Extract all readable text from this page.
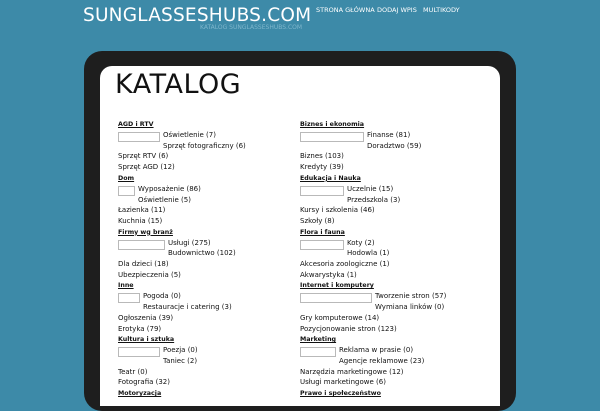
SUNGLASSESHUBS.COM
KATALOG SUNGLASSESHUBS.COM
STRONA GŁÓWNA DODAJ WPIS MULTIKODY
KATALOG
AGD i RTV
Oświetlenie (7)
Sprzęt fotograficzny (6)
Sprzęt RTV (6)
Sprzęt AGD (12)
Dom
Wyposażenie (86)
Oświetlenie (5)
Łazienka (11)
Kuchnia (15)
Firmy wg branż
Usługi (275)
Budownictwo (102)
Dla dzieci (18)
Ubezpieczenia (5)
Inne
Pogoda (0)
Restauracje i catering (3)
Ogłoszenia (39)
Erotyka (79)
Kultura i sztuka
Poezja (0)
Taniec (2)
Teatr (0)
Fotografia (32)
Motoryzacja
Biznes i ekonomia
Finanse (81)
Doradztwo (59)
Biznes (103)
Kredyty (39)
Edukacja i Nauka
Uczelnie (15)
Przedszkola (3)
Kursy i szkolenia (46)
Szkoły (8)
Flora i fauna
Koty (2)
Hodowla (1)
Akcesoria zoologiczne (1)
Akwarystyka (1)
Internet i komputery
Tworzenie stron (57)
Wymiana linków (0)
Gry komputerowe (14)
Pozycjonowanie stron (123)
Marketing
Reklama w prasie (0)
Agencje reklamowe (23)
Narzędzia marketingowe (12)
Usługi marketingowe (6)
Prawo i społeczeństwo
